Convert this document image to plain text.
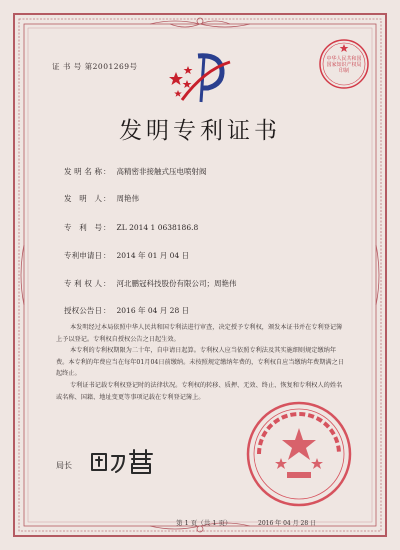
证 书 号 第2001269号
中华人民共和国
国家知识产权局
印制
发明专利证书
发明名称： 高精密非接触式压电喷射阀
发明人： 周艳伟
专利号： ZL 2014 1 0638186.8
专利申请日： 2014 年 01 月 04 日
专利权人： 河北鹏冠科技股份有限公司；周艳伟
授权公告日： 2016 年 04 月 28 日

本发明经过本局依照中华人民共和国专利法进行审查，决定授予专利权，颁发本证书并在专利登记簿上予以登记。专利权自授权公告之日起生效。

本专利的专利权期限为二十年，自申请日起算。专利权人应当依照专利法及其实施细则规定缴纳年费。本专利的年费应当在每年01月04日前缴纳。未按照规定缴纳年费的，专利权自应当缴纳年费期满之日起终止。

专利证书记载专利权登记时的法律状况。专利权的转移、质押、无效、终止、恢复和专利权人的姓名或名称、国籍、地址变更等事项记载在专利登记簿上。

局长
第 1 页（共 1 页）	2016 年 04 月 28 日
